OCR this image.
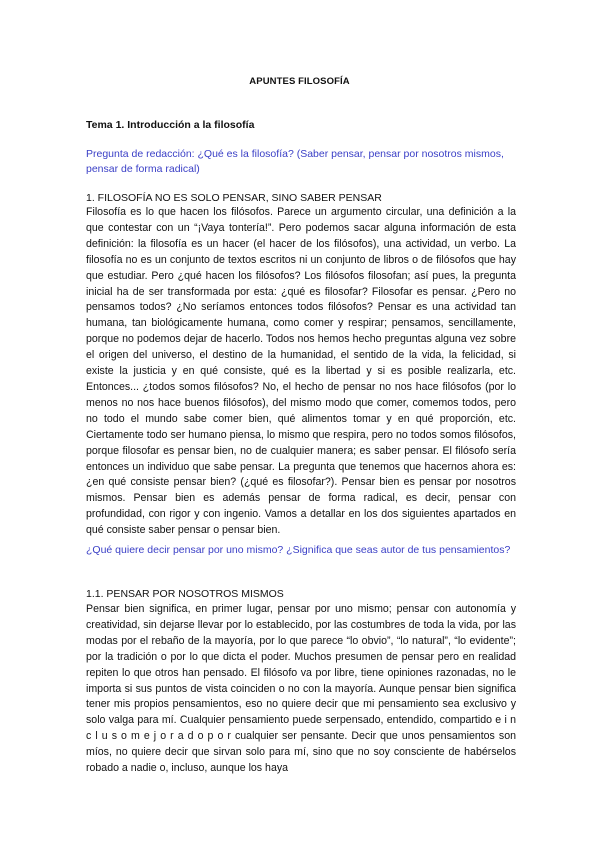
APUNTES FILOSOFÍA
Tema 1. Introducción a la filosofía
Pregunta de redacción: ¿Qué es la filosofía? (Saber pensar, pensar por nosotros mismos, pensar de forma radical)
1. FILOSOFÍA NO ES SOLO PENSAR, SINO SABER PENSAR

Filosofía es lo que hacen los filósofos. Parece un argumento circular, una definición a la que contestar con un “¡Vaya tontería!”. Pero podemos sacar alguna información de esta definición: la filosofía es un hacer (el hacer de los filósofos), una actividad, un verbo. La filosofía no es un conjunto de textos escritos ni un conjunto de libros o de filósofos que hay que estudiar. Pero ¿qué hacen los filósofos? Los filósofos filosofan; así pues, la pregunta inicial ha de ser transformada por esta: ¿qué es filosofar? Filosofar es pensar. ¿Pero no pensamos todos? ¿No seríamos entonces todos filósofos? Pensar es una actividad tan humana, tan biológicamente humana, como comer y respirar; pensamos, sencillamente, porque no podemos dejar de hacerlo. Todos nos hemos hecho preguntas alguna vez sobre el origen del universo, el destino de la humanidad, el sentido de la vida, la felicidad, si existe la justicia y en qué consiste, qué es la libertad y si es posible realizarla, etc. Entonces... ¿todos somos filósofos? No, el hecho de pensar no nos hace filósofos (por lo menos no nos hace buenos filósofos), del mismo modo que comer, comemos todos, pero no todo el mundo sabe comer bien, qué alimentos tomar y en qué proporción, etc. Ciertamente todo ser humano piensa, lo mismo que respira, pero no todos somos filósofos, porque filosofar es pensar bien, no de cualquier manera; es saber pensar. El filósofo sería entonces un individuo que sabe pensar. La pregunta que tenemos que hacernos ahora es: ¿en qué consiste pensar bien? (¿qué es filosofar?). Pensar bien es pensar por nosotros mismos. Pensar bien es además pensar de forma radical, es decir, pensar con profundidad, con rigor y con ingenio. Vamos a detallar en los dos siguientes apartados en qué consiste saber pensar o pensar bien.

¿Qué quiere decir pensar por uno mismo? ¿Significa que seas autor de tus pensamientos?
1.1. PENSAR POR NOSOTROS MISMOS

Pensar bien significa, en primer lugar, pensar por uno mismo; pensar con autonomía y creatividad, sin dejarse llevar por lo establecido, por las costumbres de toda la vida, por las modas por el rebaño de la mayoría, por lo que parece “lo obvio”, “lo natural”, “lo evidente”; por la tradición o por lo que dicta el poder. Muchos presumen de pensar pero en realidad repiten lo que otros han pensado. El filósofo va por libre, tiene opiniones razonadas, no le importa si sus puntos de vista coinciden o no con la mayoría. Aunque pensar bien significa tener mis propios pensamientos, eso no quiere decir que mi pensamiento sea exclusivo y solo valga para mí. Cualquier pensamiento puede serpensado, entendido, compartido e i n c l u s o m e j o r a d o p o r cualquier ser pensante. Decir que unos pensamientos son míos, no quiere decir que sirvan solo para mí, sino que no soy consciente de habérselos robado a nadie o, incluso, aunque los haya
